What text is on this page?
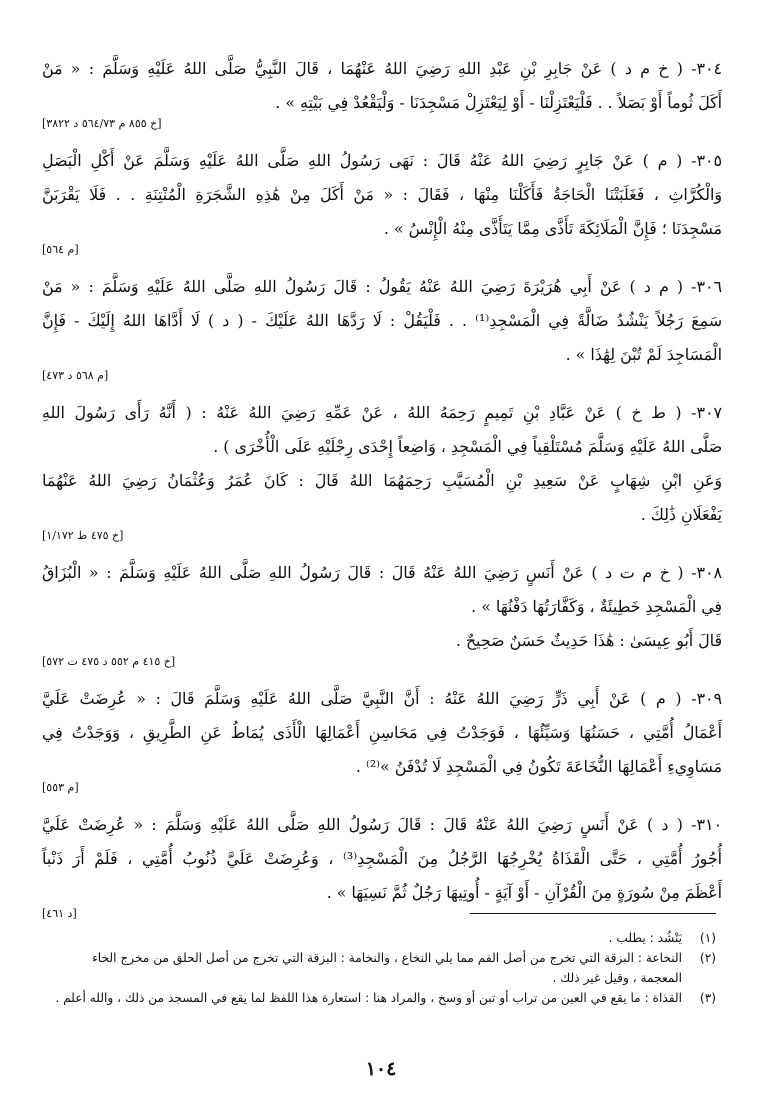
٣٠٤- ( خ م د ) عَنْ جَابِرِ بْنِ عَبْدِ اللهِ رَضِيَ اللهُ عَنْهُمَا ، قَالَ النَّبِيُّ صَلَّى اللهُ عَلَيْهِ وَسَلَّمَ : « مَنْ
أَكَلَ ثُوماً أَوْ بَصَلاً . . فَلْيَعْتَزِلْنَا - أَوْ لِيَعْتَزِلْ مَسْجِدَنَا - وَلْيَقْعُدْ فِي بَيْتِهِ » .
[خ ٨٥٥ م ٥٦٤/٧٣ د ٣٨٢٢]
٣٠٥- ( م ) عَنْ جَابِرٍ رَضِيَ اللهُ عَنْهُ قَالَ : نَهَى رَسُولُ اللهِ صَلَّى اللهُ عَلَيْهِ وَسَلَّمَ عَنْ أَكْلِ الْبَصَلِ
وَالْكُرَّاثِ ، فَغَلَبَتْنَا الْحَاجَةُ فَأَكَلْنَا مِنْهَا ، فَقَالَ : « مَنْ أَكَلَ مِنْ هَٰذِهِ الشَّجَرَةِ الْمُنْتِنَةِ . . فَلَا يَقْرَبَنَّ
مَسْجِدَنَا ؛ فَإِنَّ الْمَلَائِكَةَ تَأَذَّى مِمَّا يَتَأَذَّى مِنْهُ الْإِنْسُ » .
[م ٥٦٤]
٣٠٦- ( م د ) عَنْ أَبِي هُرَيْرَةَ رَضِيَ اللهُ عَنْهُ يَقُولُ : قَالَ رَسُولُ اللهِ صَلَّى اللهُ عَلَيْهِ وَسَلَّمَ : « مَنْ
سَمِعَ رَجُلاً يَنْشُدُ ضَالَّةً فِي الْمَسْجِدِ⁽¹⁾ . . فَلْيَقُلْ : لَا رَدَّهَا اللهُ عَلَيْكَ - ( د ) لَا أَدَّاهَا اللهُ إِلَيْكَ - فَإِنَّ
الْمَسَاجِدَ لَمْ تُبْنَ لِهَٰذَا » .
[م ٥٦٨ د ٤٧٣]
٣٠٧- ( ط خ ) عَنْ عَبَّادِ بْنِ تَمِيمٍ رَحِمَهُ اللهُ ، عَنْ عَمِّهِ رَضِيَ اللهُ عَنْهُ : ( أَنَّهُ رَأَى رَسُولَ اللهِ
صَلَّى اللهُ عَلَيْهِ وَسَلَّمَ مُسْتَلْقِياً فِي الْمَسْجِدِ ، وَاضِعاً إِحْدَى رِجْلَيْهِ عَلَى الْأُخْرَى ) .
وَعَنِ ابْنِ شِهَابٍ عَنْ سَعِيدِ بْنِ الْمُسَيَّبِ رَحِمَهُمَا اللهُ قَالَ : كَانَ عُمَرُ وَعُثْمَانُ رَضِيَ اللهُ عَنْهُمَا
يَفْعَلَانِ ذَٰلِكَ .
[خ ٤٧٥ ط ١/١٧٢]
٣٠٨- ( خ م ت د ) عَنْ أَنَسٍ رَضِيَ اللهُ عَنْهُ قَالَ : قَالَ رَسُولُ اللهِ صَلَّى اللهُ عَلَيْهِ وَسَلَّمَ : « الْبُزَاقُ
فِي الْمَسْجِدِ خَطِيئَةٌ ، وَكَفَّارَتُهَا دَفْنُهَا » .
قَالَ أَبُو عِيسَىٰ : هَٰذَا حَدِيثٌ حَسَنٌ صَحِيحٌ .
[خ ٤١٥ م ٥٥٢ د ٤٧٥ ت ٥٧٢]
٣٠٩- ( م ) عَنْ أَبِي ذَرٍّ رَضِيَ اللهُ عَنْهُ : أَنَّ النَّبِيَّ صَلَّى اللهُ عَلَيْهِ وَسَلَّمَ قَالَ : « عُرِضَتْ عَلَيَّ
أَعْمَالُ أُمَّتِي ، حَسَنُهَا وَسَيِّئُهَا ، فَوَجَدْتُ فِي مَحَاسِنِ أَعْمَالِهَا الْأَذَى يُمَاطُ عَنِ الطَّرِيقِ ، وَوَجَدْتُ فِي
مَسَاوِيءِ أَعْمَالِهَا النُّخَاعَةَ تَكُونُ فِي الْمَسْجِدِ لَا تُدْفَنُ »⁽²⁾ .
[م ٥٥٣]
٣١٠- ( د ) عَنْ أَنَسٍ رَضِيَ اللهُ عَنْهُ قَالَ : قَالَ رَسُولُ اللهِ صَلَّى اللهُ عَلَيْهِ وَسَلَّمَ : « عُرِضَتْ عَلَيَّ
أُجُورُ أُمَّتِي ، حَتَّى الْقَذَاةُ يُخْرِجُهَا الرَّجُلُ مِنَ الْمَسْجِدِ⁽³⁾ ، وَعُرِضَتْ عَلَيَّ ذُنُوبُ أُمَّتِي ، فَلَمْ أَرَ ذَنْباً
أَعْظَمَ مِنْ سُورَةٍ مِنَ الْقُرْآنِ - أَوْ آيَةٍ - أُوتِيهَا رَجُلٌ ثُمَّ نَسِيَهَا » .
[د ٤٦١]
(١)
يَنْشُد : يطلب .
(٢)
النخاعة : البزقة التي تخرج من أصل الفم مما يلي النخاع ، والنخامة : البزقة التي تخرج من أصل الحلق من مخرج الخاء
المعجمة ، وقيل غير ذلك .
(٣)
القذاة : ما يقع في العين من تراب أو تبن أو وسخ ، والمراد هنا : استعارة هذا اللفظ لما يقع في المسجد من ذلك ، والله أعلم .
١٠٤
